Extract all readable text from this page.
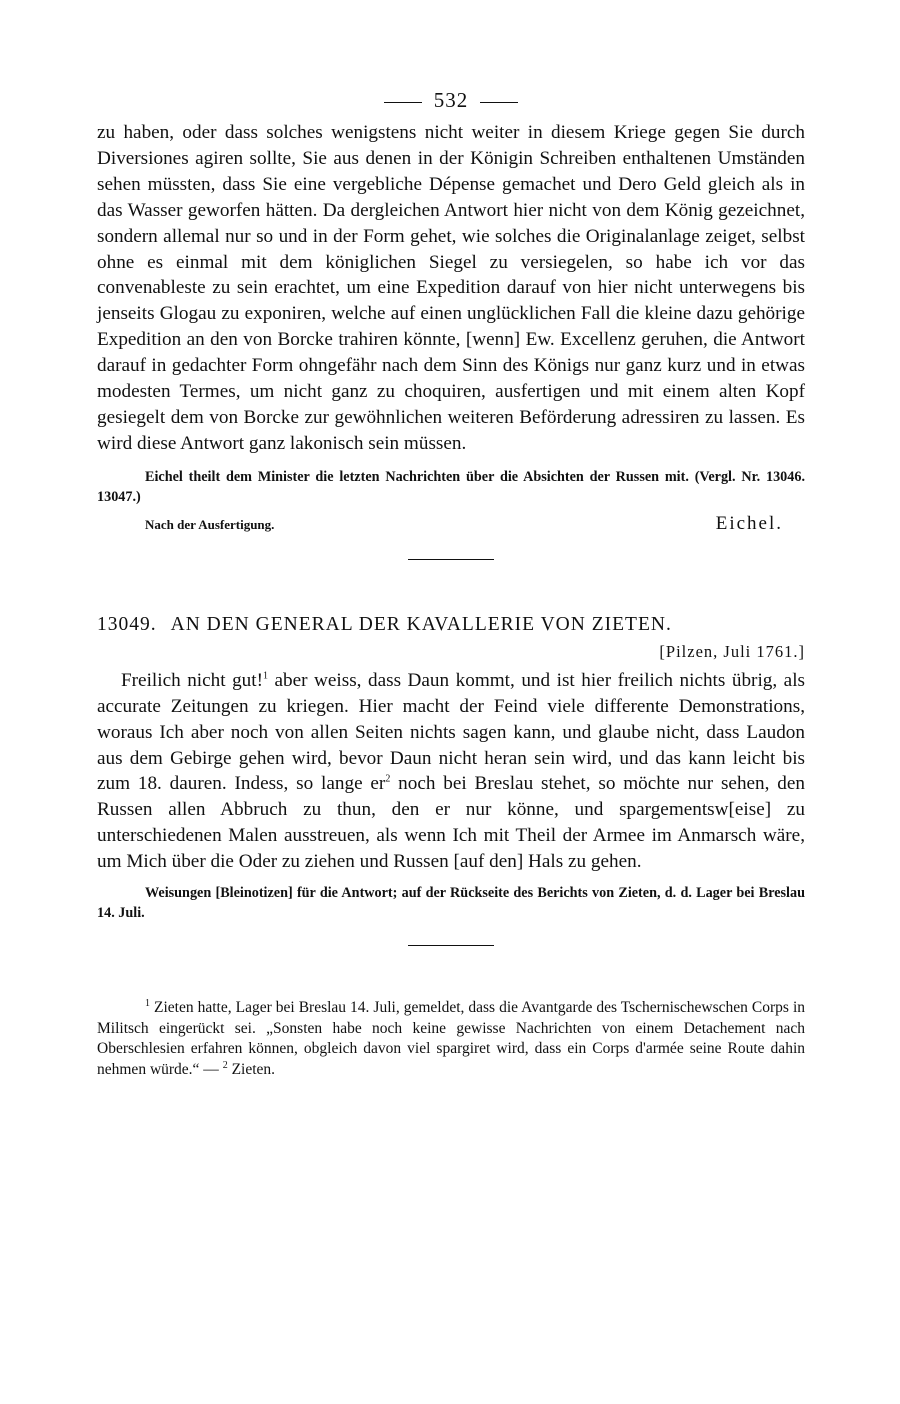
532

zu haben, oder dass solches wenigstens nicht weiter in diesem Kriege gegen Sie durch Diversiones agiren sollte, Sie aus denen in der Königin Schreiben enthaltenen Umständen sehen müssten, dass Sie eine vergebliche Dépense gemachet und Dero Geld gleich als in das Wasser geworfen hätten. Da dergleichen Antwort hier nicht von dem König gezeichnet, sondern allemal nur so und in der Form gehet, wie solches die Originalanlage zeiget, selbst ohne es einmal mit dem königlichen Siegel zu versiegelen, so habe ich vor das convenableste zu sein erachtet, um eine Expedition darauf von hier nicht unterwegens bis jenseits Glogau zu exponiren, welche auf einen unglücklichen Fall die kleine dazu gehörige Expedition an den von Borcke trahiren könnte, [wenn] Ew. Excellenz geruhen, die Antwort darauf in gedachter Form ohngefähr nach dem Sinn des Königs nur ganz kurz und in etwas modesten Termes, um nicht ganz zu choquiren, ausfertigen und mit einem alten Kopf gesiegelt dem von Borcke zur gewöhnlichen weiteren Beförderung adressiren zu lassen. Es wird diese Antwort ganz lakonisch sein müssen.

Eichel theilt dem Minister die letzten Nachrichten über die Absichten der Russen mit. (Vergl. Nr. 13046. 13047.)

Nach der Ausfertigung.	Eichel.

13049. AN DEN GENERAL DER KAVALLERIE VON ZIETEN.

[Pilzen, Juli 1761.]

Freilich nicht gut!$^1$ aber weiss, dass Daun kommt, und ist hier freilich nichts übrig, als accurate Zeitungen zu kriegen. Hier macht der Feind viele differente Demonstrations, woraus Ich aber noch von allen Seiten nichts sagen kann, und glaube nicht, dass Laudon aus dem Gebirge gehen wird, bevor Daun nicht heran sein wird, und das kann leicht bis zum 18. dauren. Indess, so lange $er^2$ noch bei Breslau stehet, so möchte nur sehen, den Russen allen Abbruch zu thun, den er nur könne, und spargementsw[eise] zu unterschiedenen Malen ausstreuen, als wenn Ich mit Theil der Armee im Anmarsch wäre, um Mich über die Oder zu ziehen und Russen [auf den] Hals zu gehen.

Weisungen [Bleinotizen] für die Antwort; auf der Rückseite des Berichts von Zieten, d. d. Lager bei Breslau 14. Juli.

$^1$ Zieten hatte, Lager bei Breslau 14. Juli, gemeldet, dass die Avantgarde des Tschernischewschen Corps in Militsch eingerückt sei. „Sonsten habe noch keine gewisse Nachrichten von einem Detachement nach Oberschlesien erfahren können, obgleich davon viel spargiret wird, dass ein Corps d'armée seine Route dahin nehmen würde.“ — $^2$ Zieten.
